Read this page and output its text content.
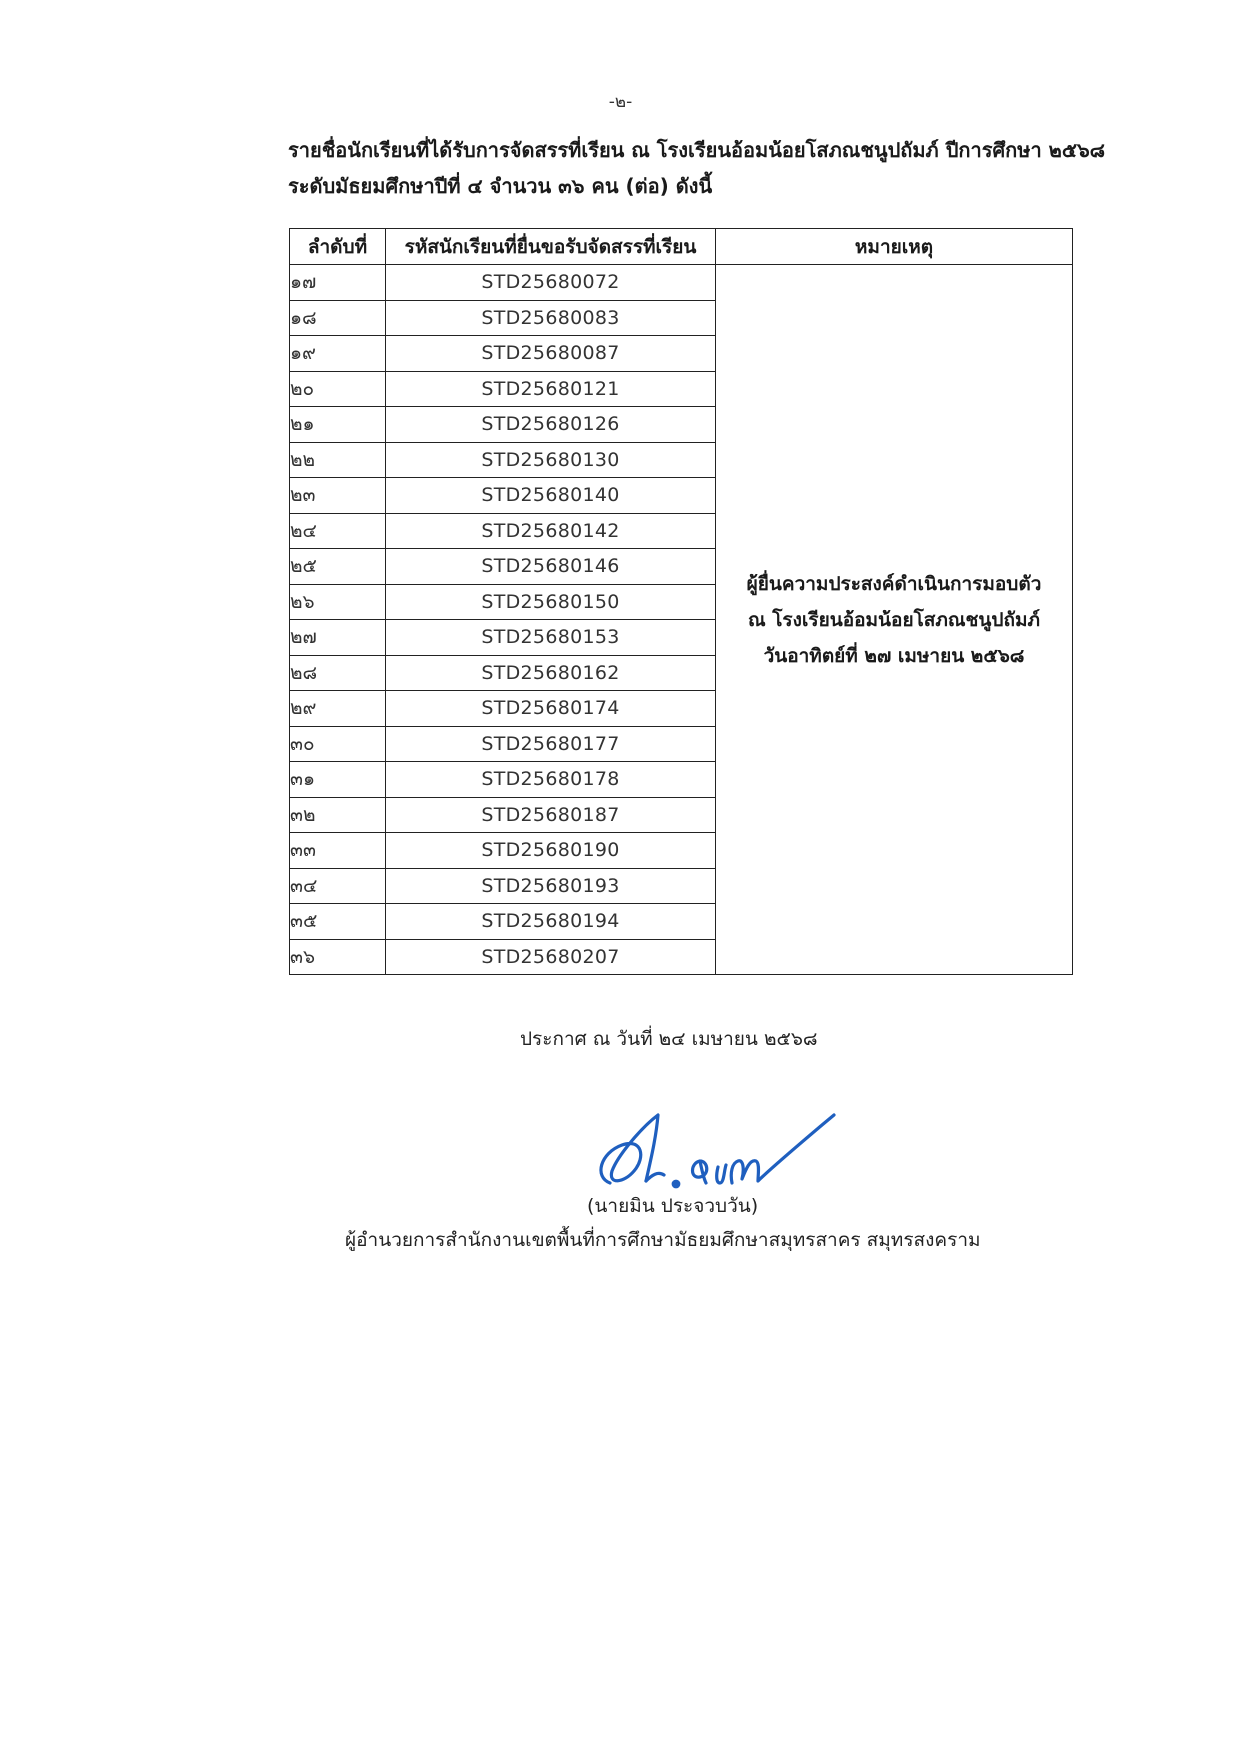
-๒-
รายชื่อนักเรียนที่ได้รับการจัดสรรที่เรียน ณ โรงเรียนอ้อมน้อยโสภณชนูปถัมภ์ ปีการศึกษา ๒๕๖๘
ระดับมัธยมศึกษาปีที่ ๔ จำนวน ๓๖ คน (ต่อ) ดังนี้
ลำดับที่	รหัสนักเรียนที่ยื่นขอรับจัดสรรที่เรียน	หมายเหตุ
๑๗	STD25680072	ผู้ยื่นความประสงค์ดำเนินการมอบตัว
ณ โรงเรียนอ้อมน้อยโสภณชนูปถัมภ์
วันอาทิตย์ที่ ๒๗ เมษายน ๒๕๖๘

๑๘	STD25680083	
๑๙	STD25680087	
๒๐	STD25680121	
๒๑	STD25680126	
๒๒	STD25680130	
๒๓	STD25680140	
๒๔	STD25680142	
๒๕	STD25680146	
๒๖	STD25680150	
๒๗	STD25680153	
๒๘	STD25680162	
๒๙	STD25680174	
๓๐	STD25680177	
๓๑	STD25680178	
๓๒	STD25680187	
๓๓	STD25680190	
๓๔	STD25680193	
๓๕	STD25680194	
๓๖	STD25680207	
ประกาศ ณ วันที่ ๒๔ เมษายน ๒๕๖๘
(นายมิน ประจวบวัน)
ผู้อำนวยการสำนักงานเขตพื้นที่การศึกษามัธยมศึกษาสมุทรสาคร สมุทรสงคราม
